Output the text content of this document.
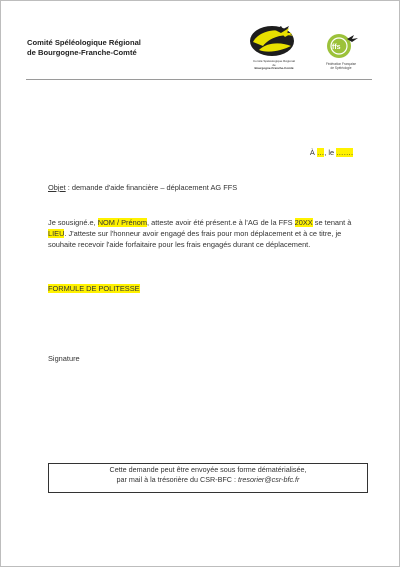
Comité Spéléologique Régional
de Bourgogne-Franche-Comté
Comité Spéléologique Régional
de
Bourgogne-Franche-Comté
ffs
Fédération Française
de Spéléologie
À …, le …….
Objet : demande d'aide financière – déplacement AG FFS
Je sousigné.e, NOM / Prénom, atteste avoir été présent.e à l'AG de la FFS 20XX se tenant à LIEU. J'atteste sur l'honneur avoir engagé des frais pour mon déplacement et à ce titre, je souhaite recevoir l'aide forfaitaire pour les frais engagés durant ce déplacement.
FORMULE DE POLITESSE
Signature
Cette demande peut être envoyée sous forme dématérialisée,
par mail à la trésorière du CSR-BFC : tresorier@csr-bfc.fr
